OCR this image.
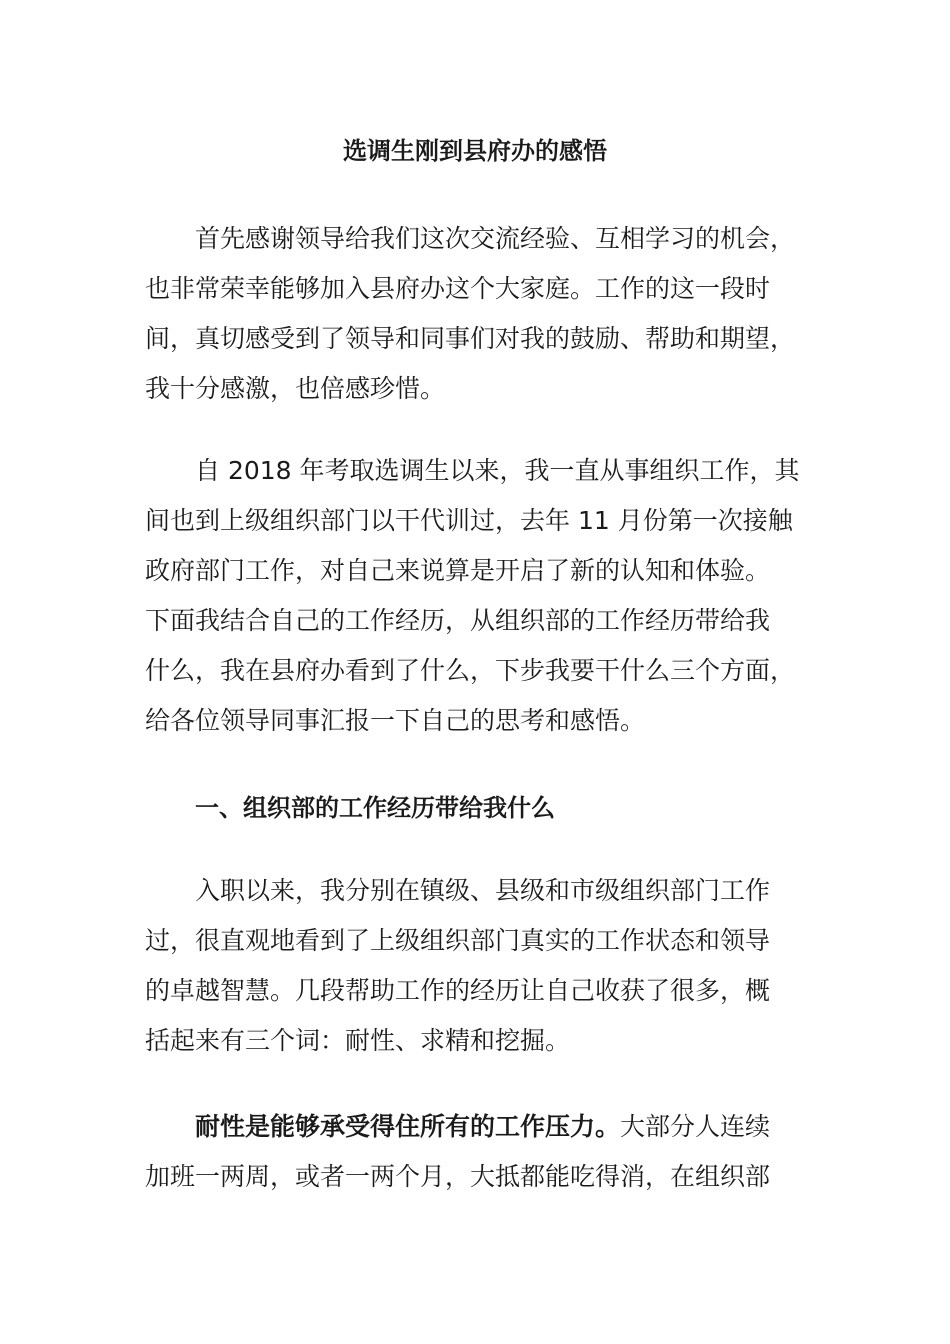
选调生刚到县府办的感悟
首先感谢领导给我们这次交流经验、互相学习的机会，
也非常荣幸能够加入县府办这个大家庭。工作的这一段时
间，真切感受到了领导和同事们对我的鼓励、帮助和期望，
我十分感激，也倍感珍惜。
自 2018 年考取选调生以来，我一直从事组织工作，其
间也到上级组织部门以干代训过，去年 11 月份第一次接触
政府部门工作，对自己来说算是开启了新的认知和体验。
下面我结合自己的工作经历，从组织部的工作经历带给我
什么，我在县府办看到了什么，下步我要干什么三个方面，
给各位领导同事汇报一下自己的思考和感悟。
一、组织部的工作经历带给我什么
入职以来，我分别在镇级、县级和市级组织部门工作
过，很直观地看到了上级组织部门真实的工作状态和领导
的卓越智慧。几段帮助工作的经历让自己收获了很多，概
括起来有三个词：耐性、求精和挖掘。
耐性是能够承受得住所有的工作压力。大部分人连续
加班一两周，或者一两个月，大抵都能吃得消，在组织部
